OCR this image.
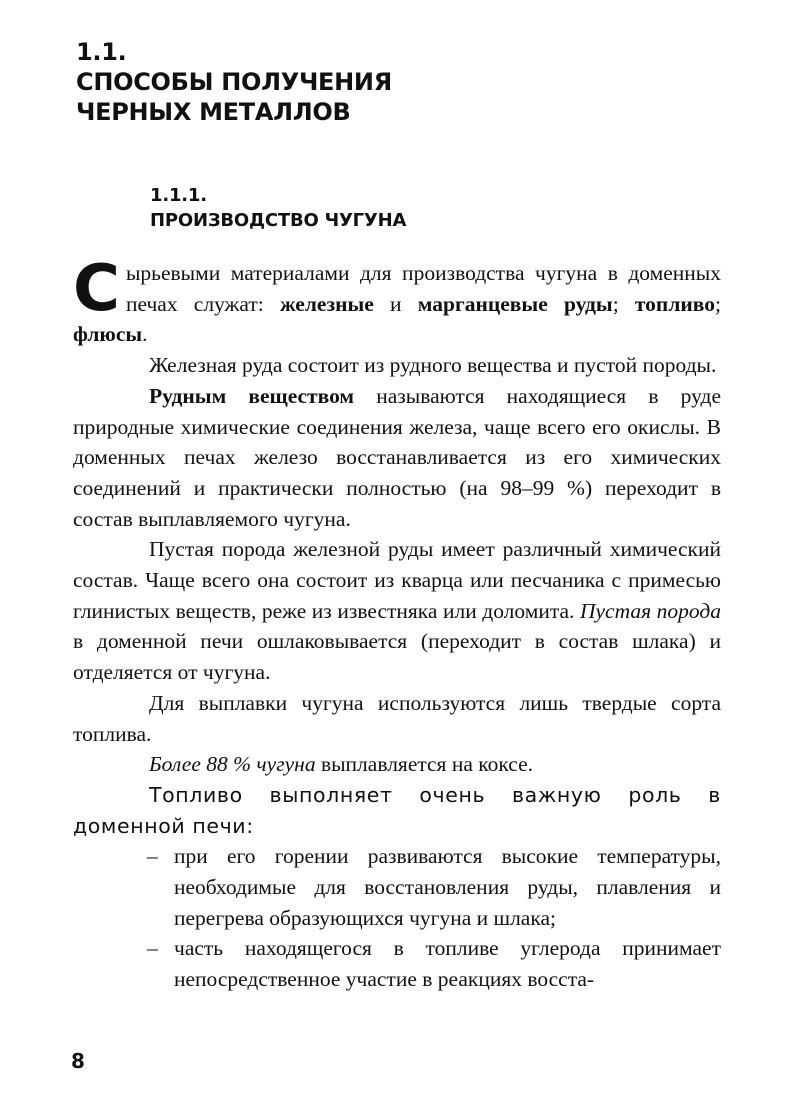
1.1.
СПОСОБЫ ПОЛУЧЕНИЯ
ЧЕРНЫХ МЕТАЛЛОВ
1.1.1.
ПРОИЗВОДСТВО ЧУГУНА

Сырьевыми материалами для производства чугуна в доменных печах служат: железные и марганцевые руды; топливо; флюсы.

Железная руда состоит из рудного вещества и пустой породы.

Рудным веществом называются находящиеся в руде природные химические соединения железа, чаще всего его окислы. В доменных печах железо восстанавливается из его химических соединений и практически полностью (на 98–99 %) переходит в состав выплавляемого чугуна.

Пустая порода железной руды имеет различный химический состав. Чаще всего она состоит из кварца или песчаника с примесью глинистых веществ, реже из известняка или доломита. Пустая порода в доменной печи ошлаковывается (переходит в состав шлака) и отделяется от чугуна.

Для выплавки чугуна используются лишь твердые сорта топлива.

Более 88 % чугуна выплавляется на коксе.

Топливо выполняет очень важную роль в доменной печи:

– при его горении развиваются высокие температуры, необходимые для восстановления руды, плавления и перегрева образующихся чугуна и шлака;

– часть находящегося в топливе углерода принимает непосредственное участие в реакциях восста-

8
